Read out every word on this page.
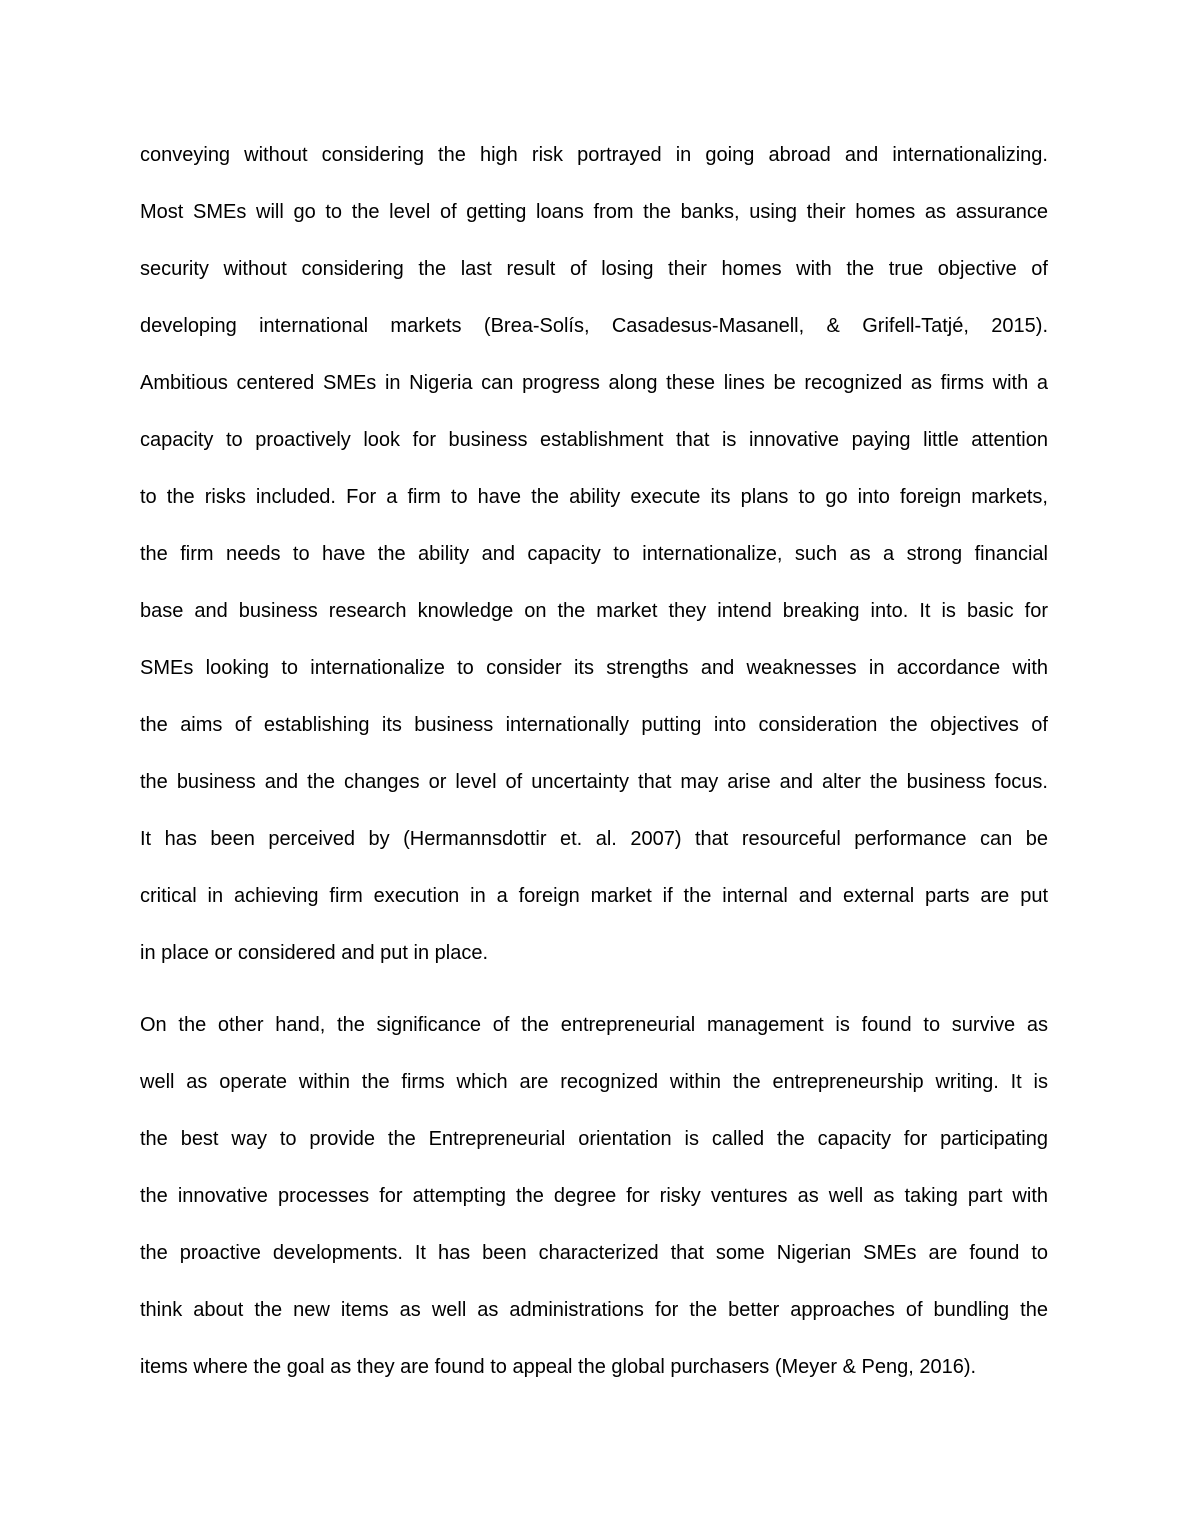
conveying without considering the high risk portrayed in going abroad and internationalizing.
Most SMEs will go to the level of getting loans from the banks, using their homes as assurance
security without considering the last result of losing their homes with the true objective of
developing international markets (Brea-Solís, Casadesus-Masanell, & Grifell-Tatjé, 2015).
Ambitious centered SMEs in Nigeria can progress along these lines be recognized as firms with a
capacity to proactively look for business establishment that is innovative paying little attention
to the risks included. For a firm to have the ability execute its plans to go into foreign markets,
the firm needs to have the ability and capacity to internationalize, such as a strong financial
base and business research knowledge on the market they intend breaking into. It is basic for
SMEs looking to internationalize to consider its strengths and weaknesses in accordance with
the aims of establishing its business internationally putting into consideration the objectives of
the business and the changes or level of uncertainty that may arise and alter the business focus.
It has been perceived by (Hermannsdottir et. al. 2007) that resourceful performance can be
critical in achieving firm execution in a foreign market if the internal and external parts are put
in place or considered and put in place.
On the other hand, the significance of the entrepreneurial management is found to survive as
well as operate within the firms which are recognized within the entrepreneurship writing. It is
the best way to provide the Entrepreneurial orientation is called the capacity for participating
the innovative processes for attempting the degree for risky ventures as well as taking part with
the proactive developments. It has been characterized that some Nigerian SMEs are found to
think about the new items as well as administrations for the better approaches of bundling the
items where the goal as they are found to appeal the global purchasers (Meyer & Peng, 2016).
